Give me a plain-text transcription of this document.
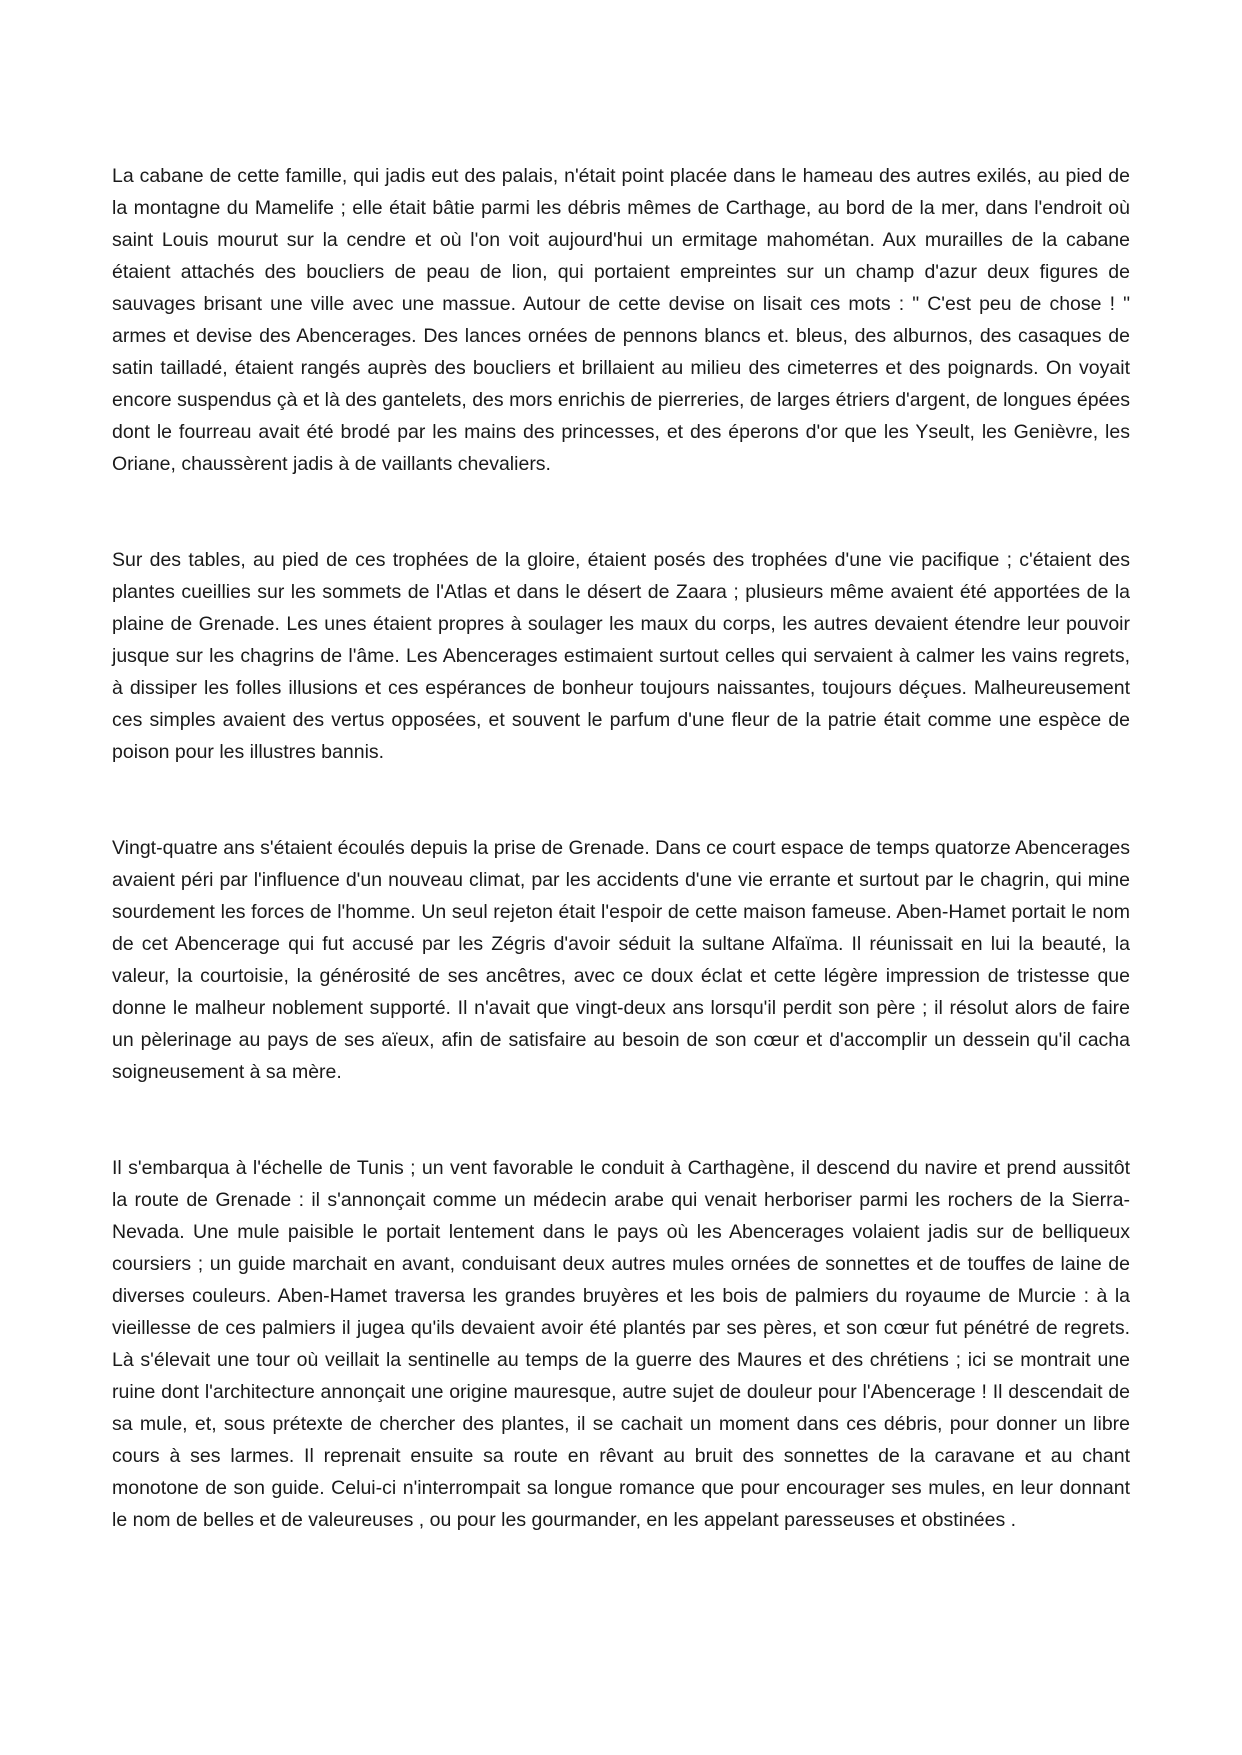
La cabane de cette famille, qui jadis eut des palais, n'était point placée dans le hameau des autres exilés, au pied de la montagne du Mamelife ; elle était bâtie parmi les débris mêmes de Carthage, au bord de la mer, dans l'endroit où saint Louis mourut sur la cendre et où l'on voit aujourd'hui un ermitage mahométan. Aux murailles de la cabane étaient attachés des boucliers de peau de lion, qui portaient empreintes sur un champ d'azur deux figures de sauvages brisant une ville avec une massue. Autour de cette devise on lisait ces mots : " C'est peu de chose ! " armes et devise des Abencerages. Des lances ornées de pennons blancs et. bleus, des alburnos, des casaques de satin tailladé, étaient rangés auprès des boucliers et brillaient au milieu des cimeterres et des poignards. On voyait encore suspendus çà et là des gantelets, des mors enrichis de pierreries, de larges étriers d'argent, de longues épées dont le fourreau avait été brodé par les mains des princesses, et des éperons d'or que les Yseult, les Genièvre, les Oriane, chaussèrent jadis à de vaillants chevaliers.

Sur des tables, au pied de ces trophées de la gloire, étaient posés des trophées d'une vie pacifique ; c'étaient des plantes cueillies sur les sommets de l'Atlas et dans le désert de Zaara ; plusieurs même avaient été apportées de la plaine de Grenade. Les unes étaient propres à soulager les maux du corps, les autres devaient étendre leur pouvoir jusque sur les chagrins de l'âme. Les Abencerages estimaient surtout celles qui servaient à calmer les vains regrets, à dissiper les folles illusions et ces espérances de bonheur toujours naissantes, toujours déçues. Malheureusement ces simples avaient des vertus opposées, et souvent le parfum d'une fleur de la patrie était comme une espèce de poison pour les illustres bannis.

Vingt-quatre ans s'étaient écoulés depuis la prise de Grenade. Dans ce court espace de temps quatorze Abencerages avaient péri par l'influence d'un nouveau climat, par les accidents d'une vie errante et surtout par le chagrin, qui mine sourdement les forces de l'homme. Un seul rejeton était l'espoir de cette maison fameuse. Aben-Hamet portait le nom de cet Abencerage qui fut accusé par les Zégris d'avoir séduit la sultane Alfaïma. Il réunissait en lui la beauté, la valeur, la courtoisie, la générosité de ses ancêtres, avec ce doux éclat et cette légère impression de tristesse que donne le malheur noblement supporté. Il n'avait que vingt-deux ans lorsqu'il perdit son père ; il résolut alors de faire un pèlerinage au pays de ses aïeux, afin de satisfaire au besoin de son cœur et d'accomplir un dessein qu'il cacha soigneusement à sa mère.

Il s'embarqua à l'échelle de Tunis ; un vent favorable le conduit à Carthagène, il descend du navire et prend aussitôt la route de Grenade : il s'annonçait comme un médecin arabe qui venait herboriser parmi les rochers de la Sierra- Nevada. Une mule paisible le portait lentement dans le pays où les Abencerages volaient jadis sur de belliqueux coursiers ; un guide marchait en avant, conduisant deux autres mules ornées de sonnettes et de touffes de laine de diverses couleurs. Aben-Hamet traversa les grandes bruyères et les bois de palmiers du royaume de Murcie : à la vieillesse de ces palmiers il jugea qu'ils devaient avoir été plantés par ses pères, et son cœur fut pénétré de regrets. Là s'élevait une tour où veillait la sentinelle au temps de la guerre des Maures et des chrétiens ; ici se montrait une ruine dont l'architecture annonçait une origine mauresque, autre sujet de douleur pour l'Abencerage ! Il descendait de sa mule, et, sous prétexte de chercher des plantes, il se cachait un moment dans ces débris, pour donner un libre cours à ses larmes. Il reprenait ensuite sa route en rêvant au bruit des sonnettes de la caravane et au chant monotone de son guide. Celui-ci n'interrompait sa longue romance que pour encourager ses mules, en leur donnant le nom de belles et de valeureuses , ou pour les gourmander, en les appelant paresseuses et obstinées .
